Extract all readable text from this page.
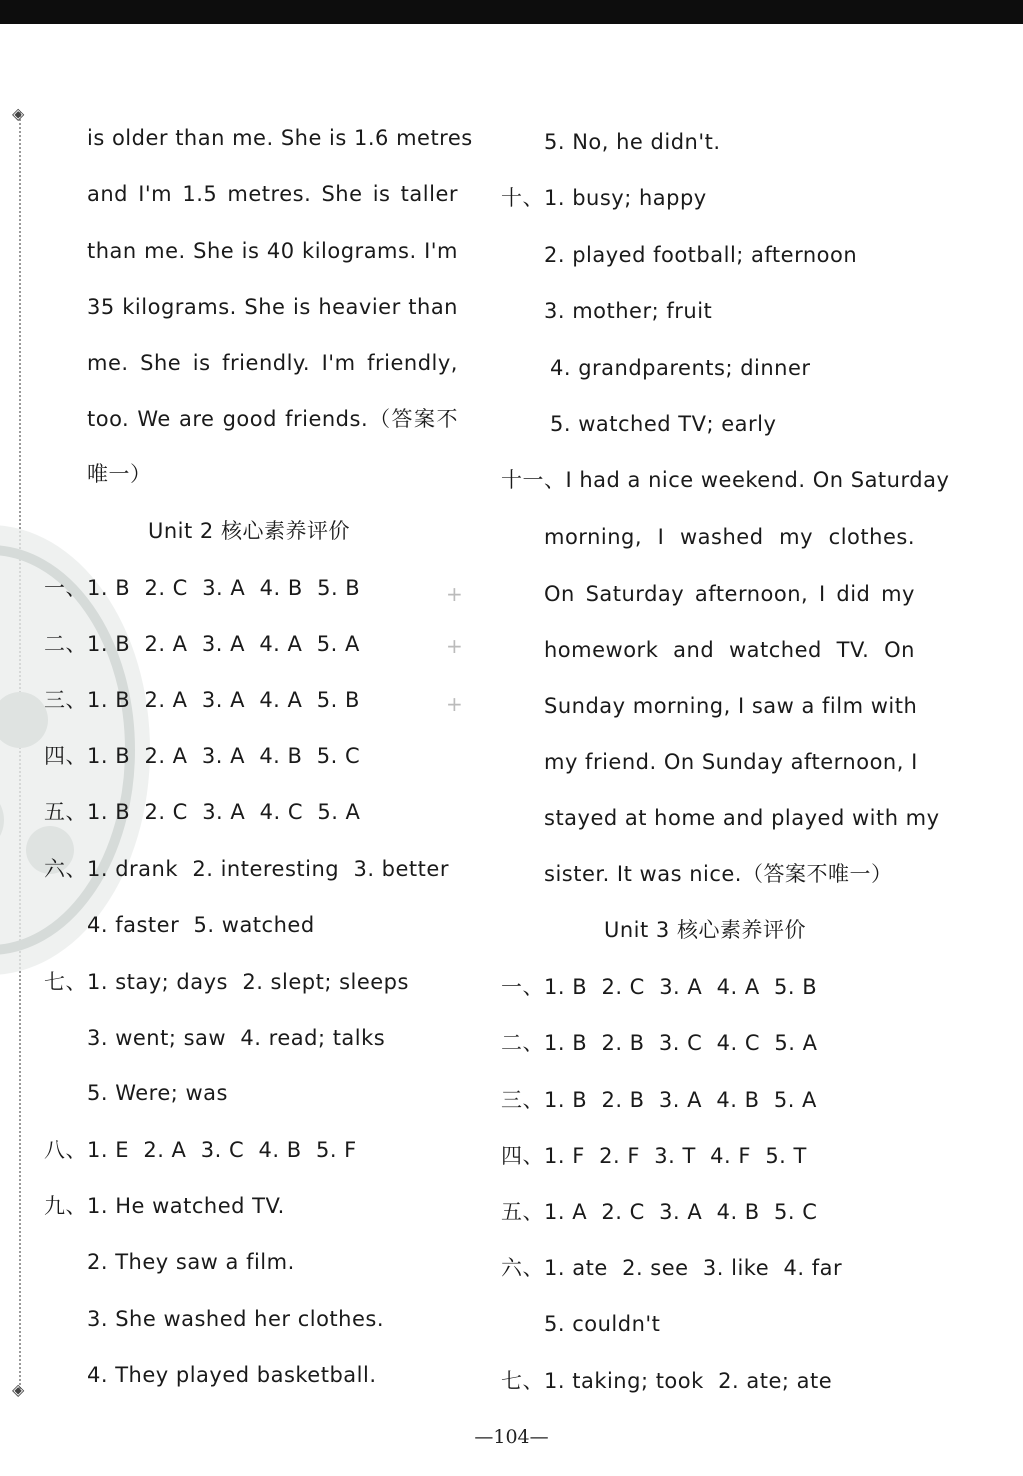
◈
◈
+
+
+
is older than me. She is 1.6 metres
and I'm 1.5 metres. She is taller
than me. She is 40 kilograms. I'm
35 kilograms. She is heavier than
me. She is friendly. I'm friendly,
too. We are good friends.（答案不
唯一）
Unit 2 核心素养评价
一、1. B  2. C  3. A  4. B  5. B
二、1. B  2. A  3. A  4. A  5. A
三、1. B  2. A  3. A  4. A  5. B
四、1. B  2. A  3. A  4. B  5. C
五、1. B  2. C  3. A  4. C  5. A
六、1. drank  2. interesting  3. better
4. faster  5. watched
七、1. stay; days  2. slept; sleeps
3. went; saw  4. read; talks
5. Were; was
八、1. E  2. A  3. C  4. B  5. F
九、1. He watched TV.
2. They saw a film.
3. She washed her clothes.
4. They played basketball.
5. No, he didn't.
十、1. busy; happy
2. played football; afternoon
3. mother; fruit
4. grandparents; dinner
5. watched TV; early
十一、I had a nice weekend. On Saturday
morning, I washed my clothes.
On Saturday afternoon, I did my
homework and watched TV. On
Sunday morning, I saw a film with
my friend. On Sunday afternoon, I
stayed at home and played with my
sister. It was nice.（答案不唯一）
Unit 3 核心素养评价
一、1. B  2. C  3. A  4. A  5. B
二、1. B  2. B  3. C  4. C  5. A
三、1. B  2. B  3. A  4. B  5. A
四、1. F  2. F  3. T  4. F  5. T
五、1. A  2. C  3. A  4. B  5. C
六、1. ate  2. see  3. like  4. far
5. couldn't
七、1. taking; took  2. ate; ate
—104—
